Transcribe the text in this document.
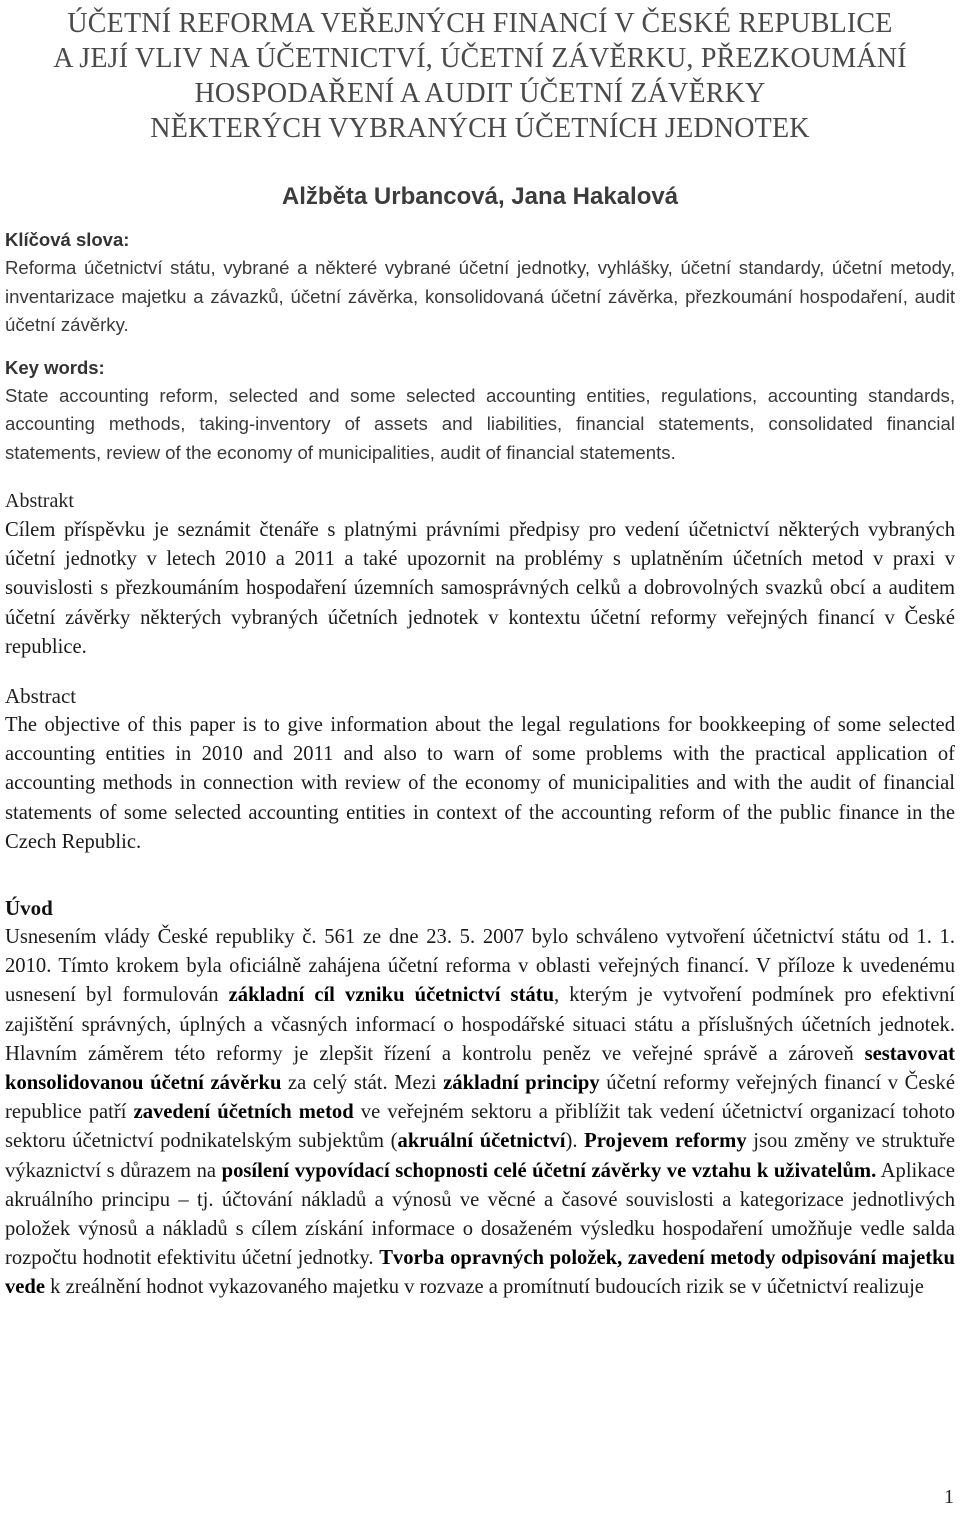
ÚČETNÍ REFORMA VEŘEJNÝCH FINANCÍ V ČESKÉ REPUBLICE
A JEJÍ VLIV NA ÚČETNICTVÍ, ÚČETNÍ ZÁVĚRKU, PŘEZKOUMÁNÍ
HOSPODAŘENÍ A AUDIT ÚČETNÍ ZÁVĚRKY
NĚKTERÝCH VYBRANÝCH ÚČETNÍCH JEDNOTEK
Alžběta Urbancová, Jana Hakalová
Klíčová slova:
Reforma účetnictví státu, vybrané a některé vybrané účetní jednotky, vyhlášky, účetní standardy, účetní metody, inventarizace majetku a závazků, účetní závěrka, konsolidovaná účetní závěrka, přezkoumání hospodaření, audit účetní závěrky.
Key words:
State accounting reform, selected and some selected accounting entities, regulations, accounting standards, accounting methods, taking-inventory of assets and liabilities, financial statements, consolidated financial statements, review of the economy of municipalities, audit of financial statements.
Abstrakt
Cílem příspěvku je seznámit čtenáře s platnými právními předpisy pro vedení účetnictví některých vybraných účetní jednotky v letech 2010 a 2011 a také upozornit na problémy s uplatněním účetních metod v praxi v souvislosti s přezkoumáním hospodaření územních samosprávných celků a dobrovolných svazků obcí a auditem účetní závěrky některých vybraných účetních jednotek v kontextu účetní reformy veřejných financí v České republice.
Abstract
The objective of this paper is to give information about the legal regulations for bookkeeping of some selected accounting entities in 2010 and 2011 and also to warn of some problems with the practical application of accounting methods in connection with review of the economy of municipalities and with the audit of financial statements of some selected accounting entities in context of the accounting reform of the public finance in the Czech Republic.
Úvod
Usnesením vlády České republiky č. 561 ze dne 23. 5. 2007 bylo schváleno vytvoření účetnictví státu od 1. 1. 2010. Tímto krokem byla oficiálně zahájena účetní reforma v oblasti veřejných financí. V příloze k uvedenému usnesení byl formulován základní cíl vzniku účetnictví státu, kterým je vytvoření podmínek pro efektivní zajištění správných, úplných a včasných informací o hospodářské situaci státu a příslušných účetních jednotek. Hlavním záměrem této reformy je zlepšit řízení a kontrolu peněz ve veřejné správě a zároveň sestavovat konsolidovanou účetní závěrku za celý stát. Mezi základní principy účetní reformy veřejných financí v České republice patří zavedení účetních metod ve veřejném sektoru a přiblížit tak vedení účetnictví organizací tohoto sektoru účetnictví podnikatelským subjektům (akruální účetnictví). Projevem reformy jsou změny ve struktuře výkaznictví s důrazem na posílení vypovídací schopnosti celé účetní závěrky ve vztahu k uživatelům. Aplikace akruálního principu – tj. účtování nákladů a výnosů ve věcné a časové souvislosti a kategorizace jednotlivých položek výnosů a nákladů s cílem získání informace o dosaženém výsledku hospodaření umožňuje vedle salda rozpočtu hodnotit efektivitu účetní jednotky. Tvorba opravných položek, zavedení metody odpisování majetku vede k zreálnění hodnot vykazovaného majetku v rozvaze a promítnutí budoucích rizik se v účetnictví realizuje
1
